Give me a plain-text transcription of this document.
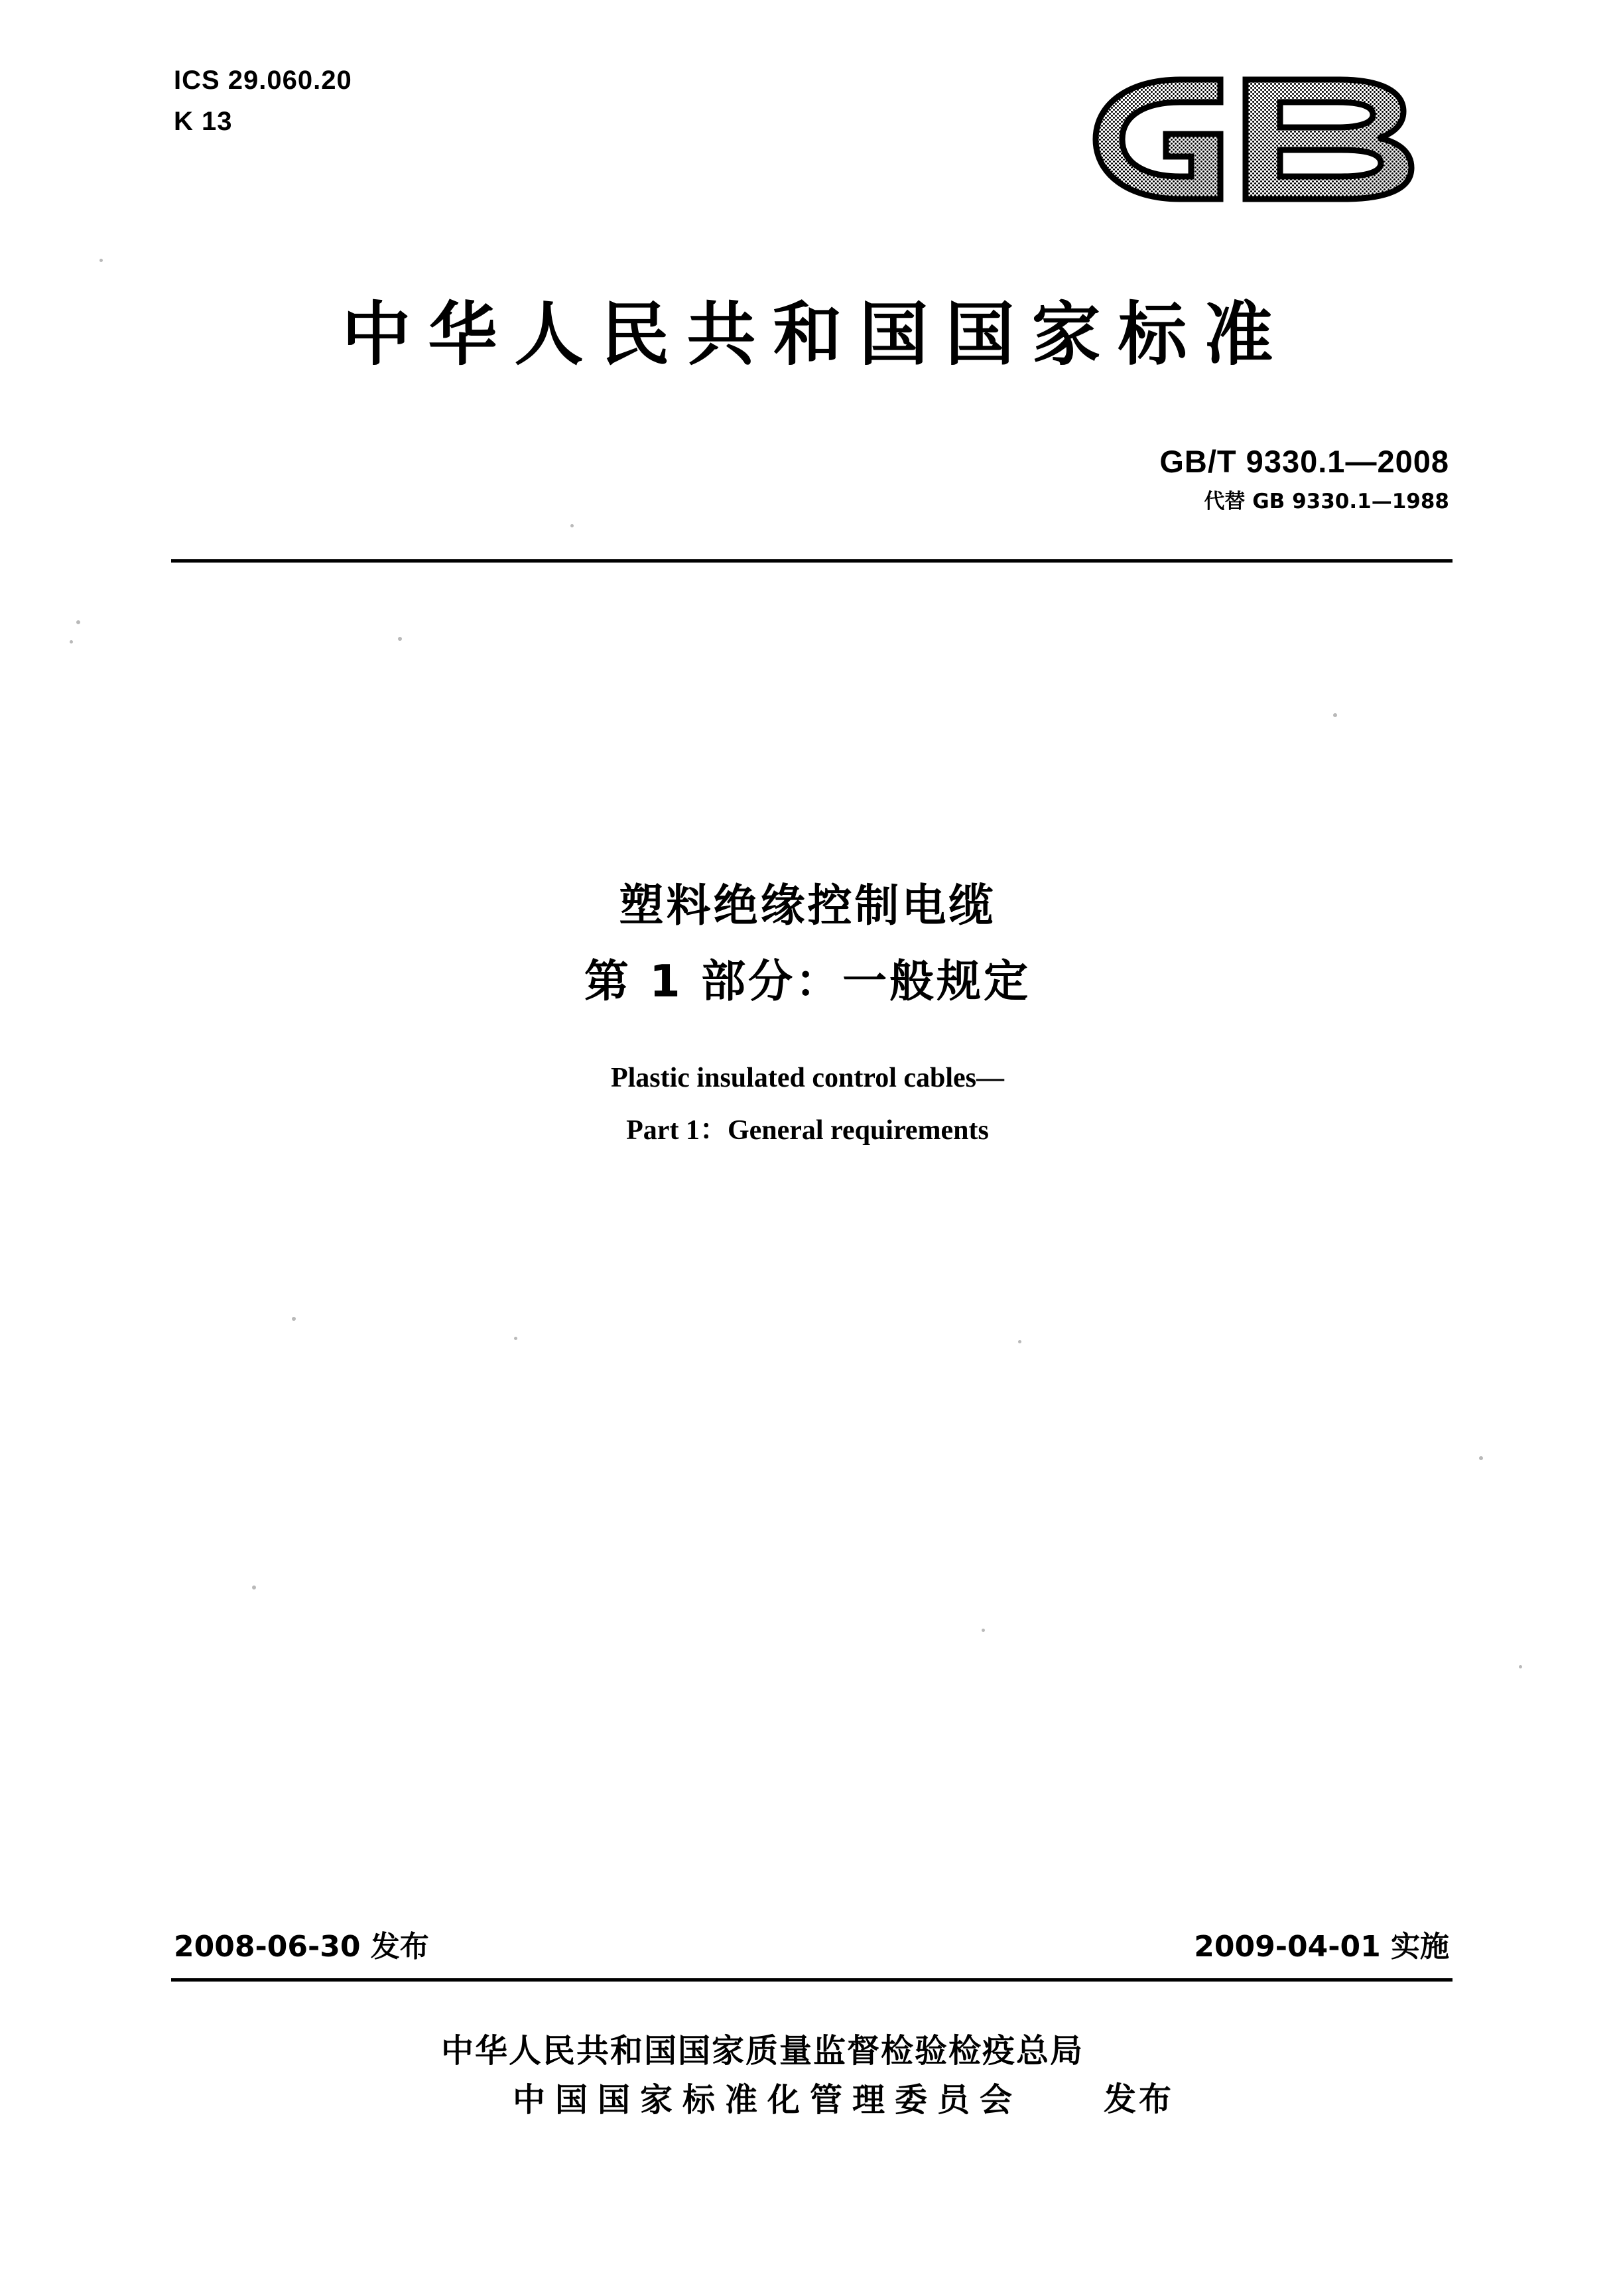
ICS 29.060.20
K 13
中华人民共和国国家标准
GB/T 9330.1—2008
代替 GB 9330.1—1988
塑料绝缘控制电缆
第 1 部分：一般规定
Plastic insulated control cables—
Part 1：General requirements
2008-06-30 发布	2009-04-01 实施
中华人民共和国国家质量监督检验检疫总局
中国国家标准化管理委员会	发布
